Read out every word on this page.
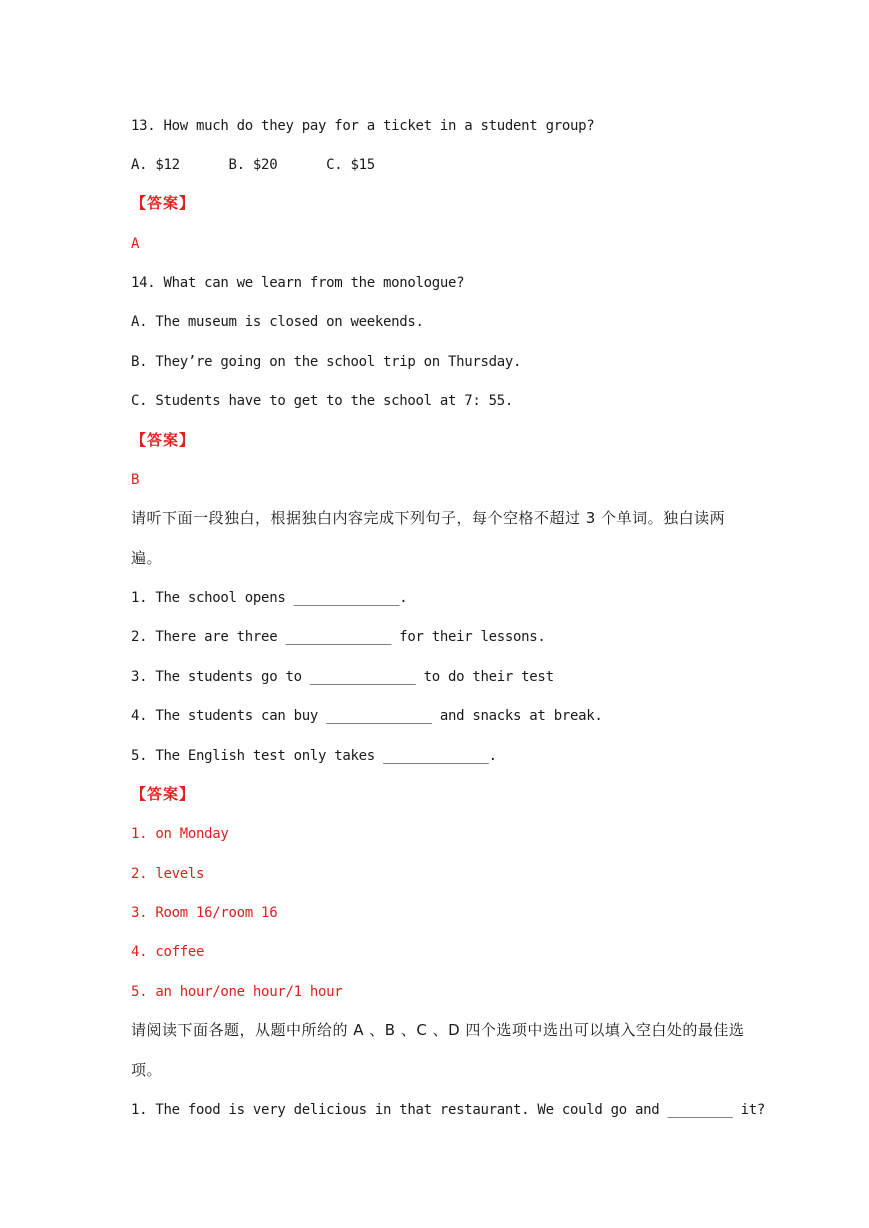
13. How much do they pay for a ticket in a student group?
A. $12      B. $20      C. $15
【答案】
A
14. What can we learn from the monologue?
A. The museum is closed on weekends.
B. They’re going on the school trip on Thursday.
C. Students have to get to the school at 7: 55.
【答案】
B
请听下面一段独白，根据独白内容完成下列句子，每个空格不超过 3 个单词。独白读两
遍。
1. The school opens _____________.
2. There are three _____________ for their lessons.
3. The students go to _____________ to do their test
4. The students can buy _____________ and snacks at break.
5. The English test only takes _____________.
【答案】
1. on Monday
2. levels
3. Room 16/room 16
4. coffee
5. an hour/one hour/1 hour
请阅读下面各题，从题中所给的 A 、B 、C 、D 四个选项中选出可以填入空白处的最佳选
项。
1. The food is very delicious in that restaurant. We could go and ________ it?
